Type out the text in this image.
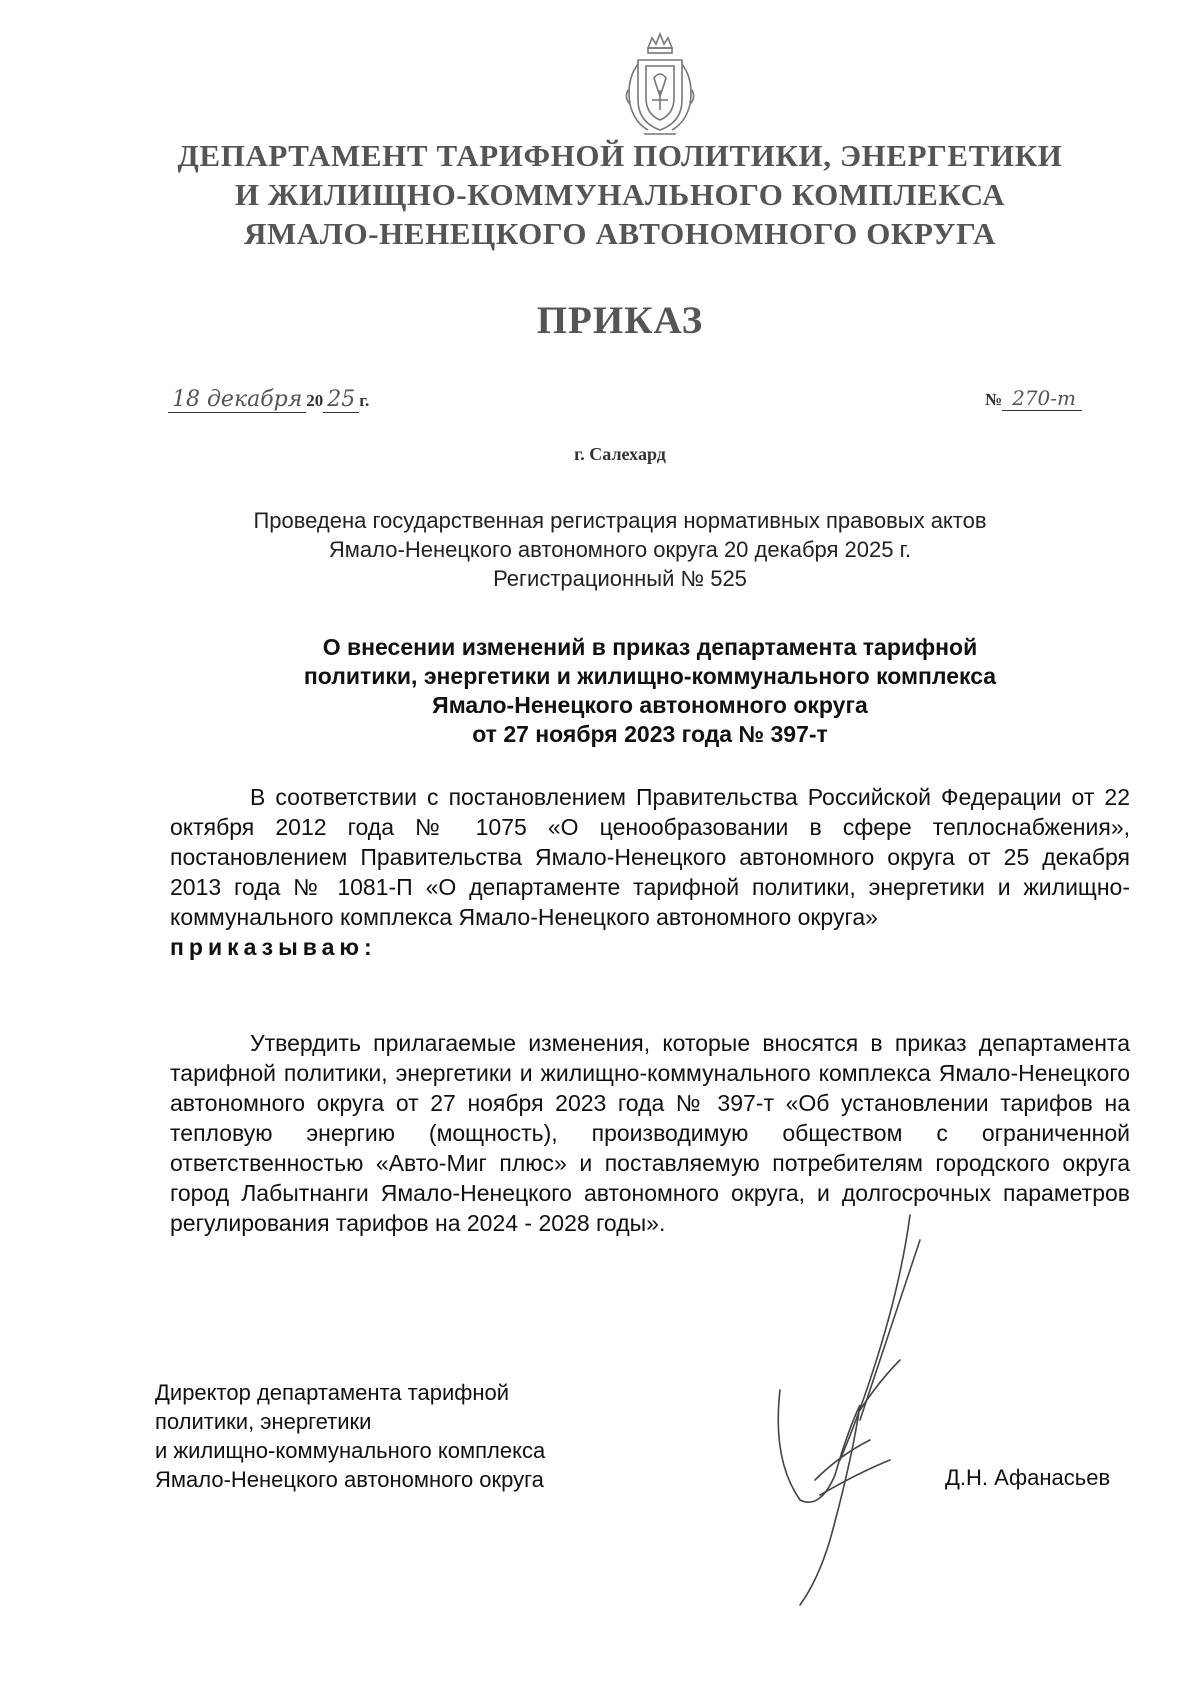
ДЕПАРТАМЕНТ ТАРИФНОЙ ПОЛИТИКИ, ЭНЕРГЕТИКИ
И ЖИЛИЩНО-КОММУНАЛЬНОГО КОМПЛЕКСА
ЯМАЛО-НЕНЕЦКОГО АВТОНОМНОГО ОКРУГА
ПРИКАЗ
18 декабря 20 25 г.	№ 270-т
г. Салехард
Проведена государственная регистрация нормативных правовых актов
Ямало-Ненецкого автономного округа 20 декабря 2025 г.
Регистрационный № 525
О внесении изменений в приказ департамента тарифной
политики, энергетики и жилищно-коммунального комплекса
Ямало-Ненецкого автономного округа
от 27 ноября 2023 года № 397-т

В соответствии с постановлением Правительства Российской Федерации от 22 октября 2012 года № 1075 «О ценообразовании в сфере теплоснабжения», постановлением Правительства Ямало-Ненецкого автономного округа от 25 декабря 2013 года № 1081-П «О департаменте тарифной политики, энергетики и жилищно-коммунального комплекса Ямало-Ненецкого автономного округа»

приказываю:

Утвердить прилагаемые изменения, которые вносятся в приказ департамента тарифной политики, энергетики и жилищно-коммунального комплекса Ямало-Ненецкого автономного округа от 27 ноября 2023 года № 397-т «Об установлении тарифов на тепловую энергию (мощность), производимую обществом с ограниченной ответственностью «Авто-Миг плюс» и поставляемую потребителям городского округа город Лабытнанги Ямало-Ненецкого автономного округа, и долгосрочных параметров регулирования тарифов на 2024 - 2028 годы».

Директор департамента тарифной
политики, энергетики
и жилищно-коммунального комплекса
Ямало-Ненецкого автономного округа	Д.Н. Афанасьев
